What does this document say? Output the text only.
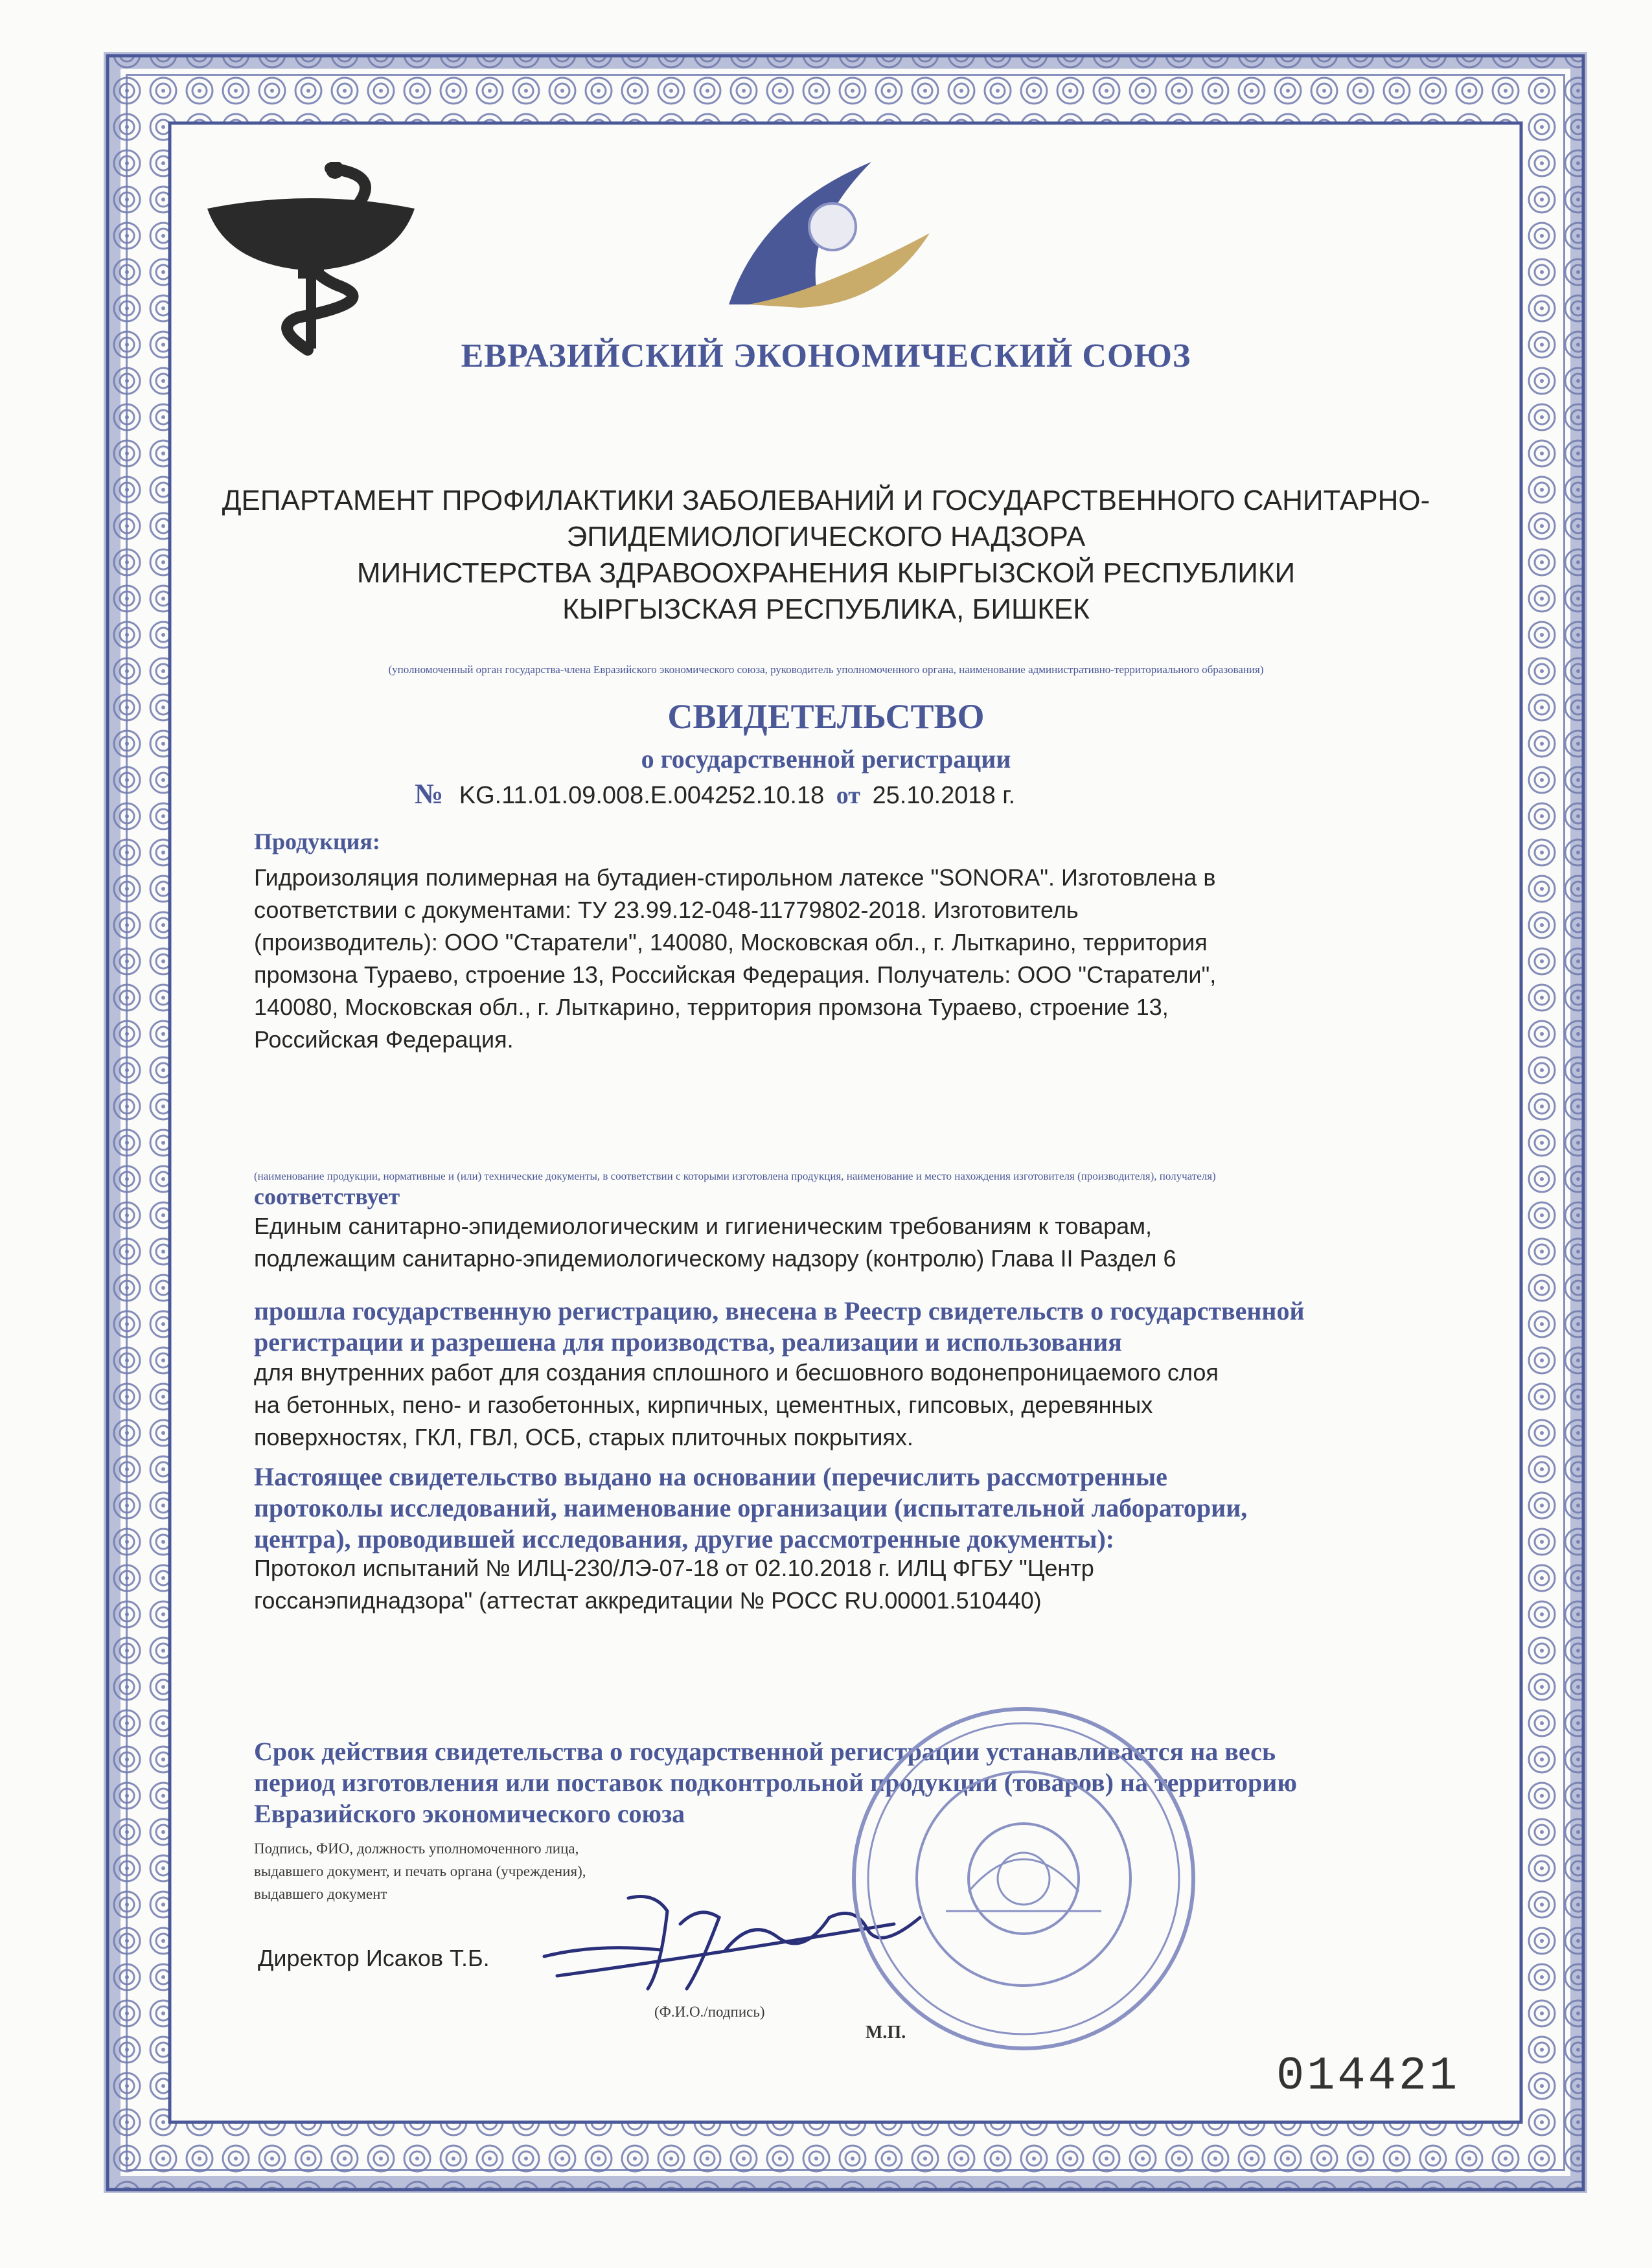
ЕВРАЗИЙСКИЙ ЭКОНОМИЧЕСКИЙ СОЮЗ
ДЕПАРТАМЕНТ ПРОФИЛАКТИКИ ЗАБОЛЕВАНИЙ И ГОСУДАРСТВЕННОГО САНИТАРНО-
ЭПИДЕМИОЛОГИЧЕСКОГО НАДЗОРА
МИНИСТЕРСТВА ЗДРАВООХРАНЕНИЯ КЫРГЫЗСКОЙ РЕСПУБЛИКИ
КЫРГЫЗСКАЯ РЕСПУБЛИКА, БИШКЕК
(уполномоченный орган государства-члена Евразийского экономического союза, руководитель уполномоченного органа, наименование административно-территориального образования)
СВИДЕТЕЛЬСТВО
о государственной регистрации
№ KG.11.01.09.008.E.004252.10.18 от 25.10.2018 г.
Продукция:
Гидроизоляция полимерная на бутадиен-стирольном латексе "SONORA". Изготовлена в
соответствии с документами: ТУ 23.99.12-048-11779802-2018. Изготовитель
(производитель): ООО "Старатели", 140080, Московская обл., г. Лыткарино, территория
промзона Тураево, строение 13, Российская Федерация. Получатель: ООО "Старатели",
140080, Московская обл., г. Лыткарино, территория промзона Тураево, строение 13,
Российская Федерация.
(наименование продукции, нормативные и (или) технические документы, в соответствии с которыми изготовлена продукция, наименование и место нахождения изготовителя (производителя), получателя)
соответствует
Единым санитарно-эпидемиологическим и гигиеническим требованиям к товарам,
подлежащим санитарно-эпидемиологическому надзору (контролю) Глава II Раздел 6
прошла государственную регистрацию, внесена в Реестр свидетельств о государственной
регистрации и разрешена для производства, реализации и использования
для внутренних работ для создания сплошного и бесшовного водонепроницаемого слоя
на бетонных, пено- и газобетонных, кирпичных, цементных, гипсовых, деревянных
поверхностях, ГКЛ, ГВЛ, ОСБ, старых плиточных покрытиях.
Настоящее свидетельство выдано на основании (перечислить рассмотренные
протоколы исследований, наименование организации (испытательной лаборатории,
центра), проводившей исследования, другие рассмотренные документы):
Протокол испытаний № ИЛЦ-230/ЛЭ-07-18 от 02.10.2018 г. ИЛЦ ФГБУ "Центр
госсанэпиднадзора" (аттестат аккредитации № РОСС RU.00001.510440)
Срок действия свидетельства о государственной регистрации устанавливается на весь
период изготовления или поставок подконтрольной продукции (товаров) на территорию
Евразийского экономического союза
Подпись, ФИО, должность уполномоченного лица,
выдавшего документ, и печать органа (учреждения),
выдавшего документ
Директор Исаков Т.Б.
(Ф.И.О./подпись)
М.П.
014421
